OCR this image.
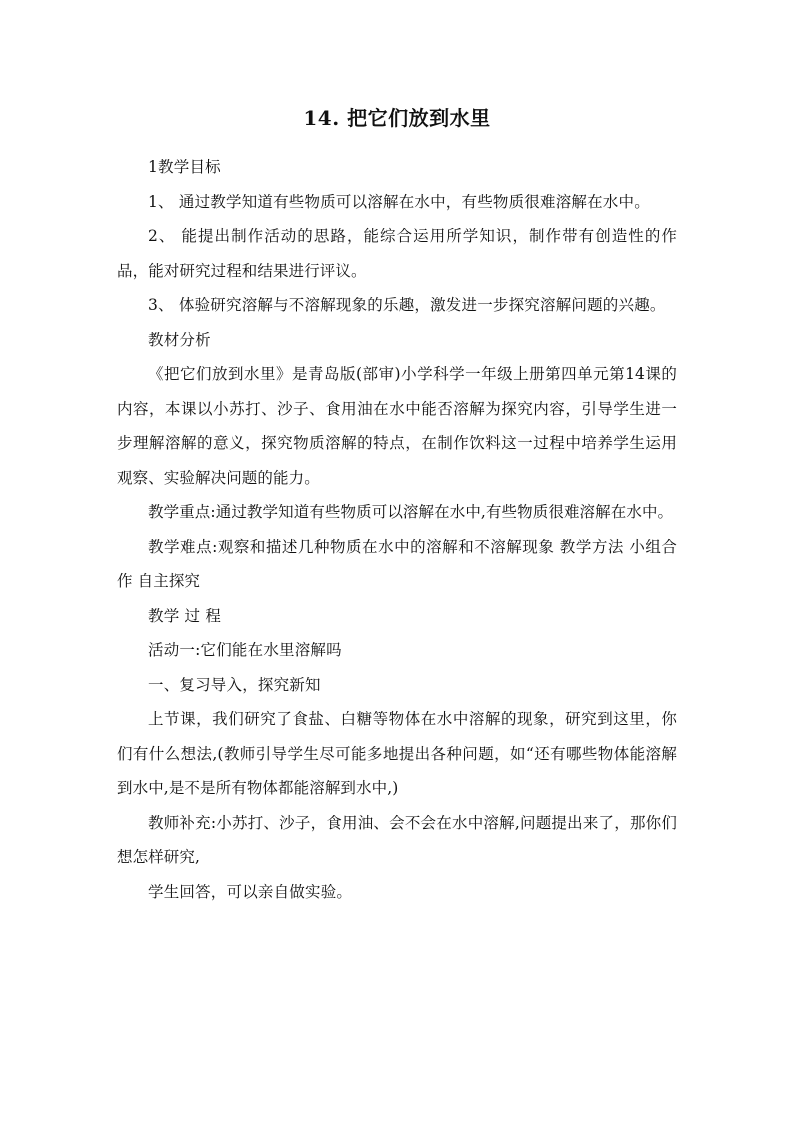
14. 把它们放到水里

1教学目标

1、 通过教学知道有些物质可以溶解在水中，有些物质很难溶解在水中。

2、 能提出制作活动的思路，能综合运用所学知识，制作带有创造性的作品，能对研究过程和结果进行评议。

3、 体验研究溶解与不溶解现象的乐趣，激发进一步探究溶解问题的兴趣。

教材分析

《把它们放到水里》是青岛版(部审)小学科学一年级上册第四单元第14课的内容，本课以小苏打、沙子、食用油在水中能否溶解为探究内容，引导学生进一步理解溶解的意义，探究物质溶解的特点，在制作饮料这一过程中培养学生运用观察、实验解决问题的能力。

教学重点:通过教学知道有些物质可以溶解在水中,有些物质很难溶解在水中。

教学难点:观察和描述几种物质在水中的溶解和不溶解现象 教学方法 小组合作 自主探究

教学 过 程

活动一:它们能在水里溶解吗

一、复习导入，探究新知

上节课，我们研究了食盐、白糖等物体在水中溶解的现象，研究到这里，你们有什么想法,(教师引导学生尽可能多地提出各种问题，如“还有哪些物体能溶解到水中,是不是所有物体都能溶解到水中,)

教师补充:小苏打、沙子，食用油、会不会在水中溶解,问题提出来了，那你们想怎样研究,

学生回答，可以亲自做实验。
